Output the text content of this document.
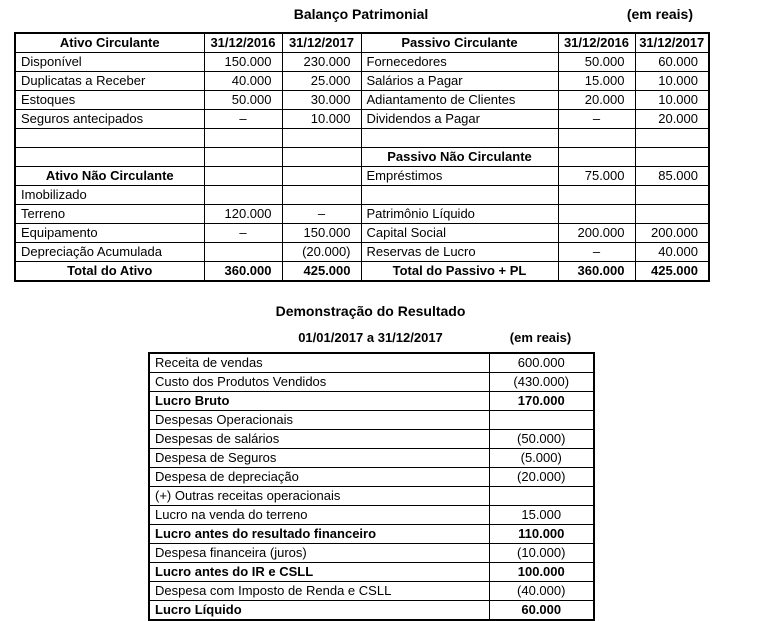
Balanço Patrimonial	(em reais)
Ativo Circulante	31/12/2016	31/12/2017	Passivo Circulante	31/12/2016	31/12/2017
Disponível	150.000	230.000	Fornecedores	50.000	60.000
Duplicatas a Receber	40.000	25.000	Salários a Pagar	15.000	10.000
Estoques	50.000	30.000	Adiantamento de Clientes	20.000	10.000
Seguros antecipados	–	10.000	Dividendos a Pagar	–	20.000

			Passivo Não Circulante		
Ativo Não Circulante			Empréstimos	75.000	85.000
Imobilizado					
Terreno	120.000	–	Patrimônio Líquido		
Equipamento	–	150.000	Capital Social	200.000	200.000
Depreciação Acumulada		(20.000)	Reservas de Lucro	–	40.000
Total do Ativo	360.000	425.000	Total do Passivo + PL	360.000	425.000
Demonstração do Resultado
01/01/2017 a 31/12/2017	(em reais)
Receita de vendas	600.000
Custo dos Produtos Vendidos	(430.000)
Lucro Bruto	170.000
Despesas Operacionais	
Despesas de salários	(50.000)
Despesa de Seguros	(5.000)
Despesa de depreciação	(20.000)
(+) Outras receitas operacionais	
Lucro na venda do terreno	15.000
Lucro antes do resultado financeiro	110.000
Despesa financeira (juros)	(10.000)
Lucro antes do IR e CSLL	100.000
Despesa com Imposto de Renda e CSLL	(40.000)
Lucro Líquido	60.000
